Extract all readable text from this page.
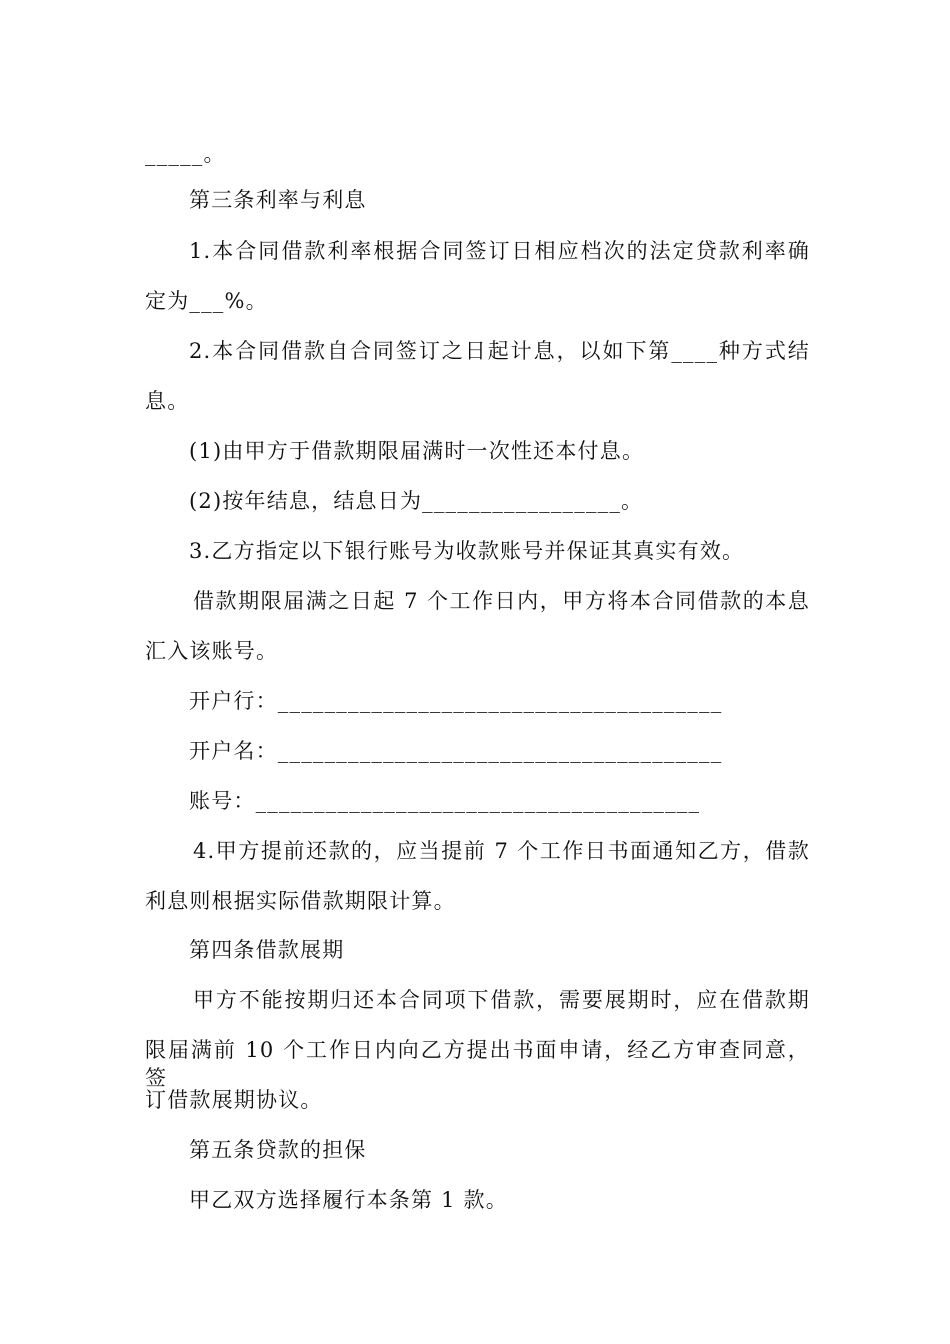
_____。
第三条利率与利息
1.本合同借款利率根据合同签订日相应档次的法定贷款利率确
定为___%。
2.本合同借款自合同签订之日起计息，以如下第____种方式结
息。
(1)由甲方于借款期限届满时一次性还本付息。
(2)按年结息，结息日为_________________。
3.乙方指定以下银行账号为收款账号并保证其真实有效。
借款期限届满之日起 7 个工作日内，甲方将本合同借款的本息
汇入该账号。
开户行：______________________________________
开户名：______________________________________
账号：______________________________________
4.甲方提前还款的，应当提前 7 个工作日书面通知乙方，借款
利息则根据实际借款期限计算。
第四条借款展期
甲方不能按期归还本合同项下借款，需要展期时，应在借款期
限届满前 10 个工作日内向乙方提出书面申请，经乙方审查同意，签
订借款展期协议。
第五条贷款的担保
甲乙双方选择履行本条第 1 款。
